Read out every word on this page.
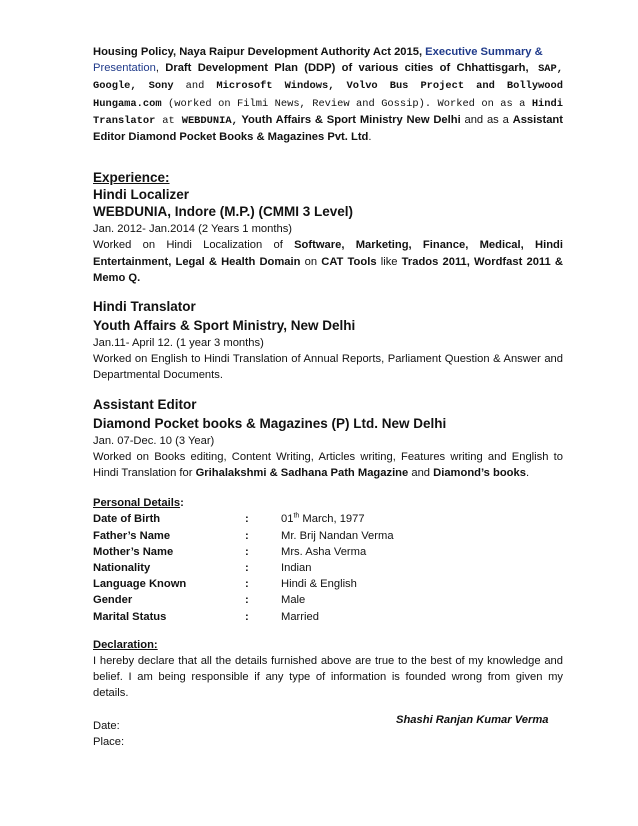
Housing Policy, Naya Raipur Development Authority Act 2015, Executive Summary &
Presentation, Draft Development Plan (DDP) of various cities of Chhattisgarh, SAP, Google, Sony and Microsoft Windows, Volvo Bus Project and Bollywood Hungama.com (worked on Filmi News, Review and Gossip). Worked on as a Hindi Translator at WEBDUNIA, Youth Affairs & Sport Ministry New Delhi and as a Assistant Editor Diamond Pocket Books & Magazines Pvt. Ltd.

Experience:
Hindi Localizer
WEBDUNIA, Indore (M.P.) (CMMI 3 Level)
Jan. 2012- Jan.2014 (2 Years 1 months)

Worked on Hindi Localization of Software, Marketing, Finance, Medical, Hindi Entertainment, Legal & Health Domain on CAT Tools like Trados 2011, Wordfast 2011 & Memo Q.

Hindi Translator
Youth Affairs & Sport Ministry, New Delhi
Jan.11- April 12. (1 year 3 months)

Worked on English to Hindi Translation of Annual Reports, Parliament Question & Answer and Departmental Documents.

Assistant Editor
Diamond Pocket books & Magazines (P) Ltd. New Delhi
Jan. 07-Dec. 10 (3 Year)

Worked on Books editing, Content Writing, Articles writing, Features writing and English to Hindi Translation for Grihalakshmi & Sadhana Path Magazine and Diamond’s books.

Personal Details:
Date of Birth	:	01th March, 1977
Father’s Name	:	Mr. Brij Nandan Verma
Mother’s Name	:	Mrs. Asha Verma
Nationality	:	Indian
Language Known	:	Hindi & English
Gender	:	Male
Marital Status	:	Married
Declaration:

I hereby declare that all the details furnished above are true to the best of my knowledge and belief. I am being responsible if any type of information is founded wrong from given my details.

Date:
Place:
Shashi Ranjan Kumar Verma
